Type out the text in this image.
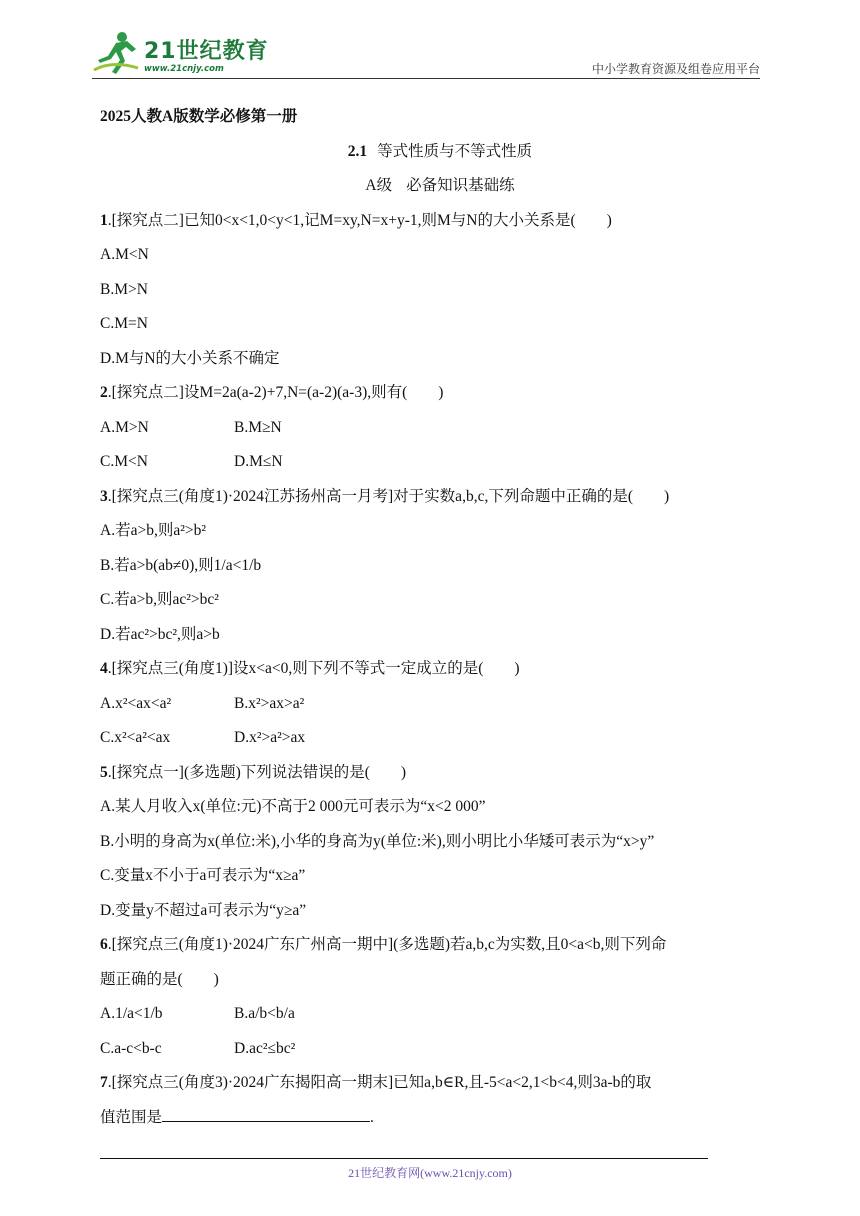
21世纪教育
www.21cnjy.com	中小学教育资源及组卷应用平台
2025人教A版数学必修第一册
2.1 等式性质与不等式性质
A级 必备知识基础练
1.[探究点二]已知0<x<1,0<y<1,记M=xy,N=x+y-1,则M与N的大小关系是(　　)
A.M<N
B.M>N
C.M=N
D.M与N的大小关系不确定
2.[探究点二]设M=2a(a-2)+7,N=(a-2)(a-3),则有(　　)
A.M>N	B.M≥N
C.M<N	D.M≤N
3.[探究点三(角度1)·2024江苏扬州高一月考]对于实数a,b,c,下列命题中正确的是(　　)
A.若a>b,则a²>b²
B.若a>b(ab≠0),则1/a<1/b
C.若a>b,则ac²>bc²
D.若ac²>bc²,则a>b
4.[探究点三(角度1)]设x<a<0,则下列不等式一定成立的是(　　)
A.x²<ax<a²	B.x²>ax>a²
C.x²<a²<ax	D.x²>a²>ax
5.[探究点一](多选题)下列说法错误的是(　　)
A.某人月收入x(单位:元)不高于2 000元可表示为“x<2 000”
B.小明的身高为x(单位:米),小华的身高为y(单位:米),则小明比小华矮可表示为“x>y”
C.变量x不小于a可表示为“x≥a”
D.变量y不超过a可表示为“y≥a”
6.[探究点三(角度1)·2024广东广州高一期中](多选题)若a,b,c为实数,且0<a<b,则下列命
题正确的是(　　)
A.1/a<1/b	B.a/b<b/a
C.a-c<b-c	D.ac²≤bc²
7.[探究点三(角度3)·2024广东揭阳高一期末]已知a,b∈R,且-5<a<2,1<b<4,则3a-b的取
值范围是	.
21世纪教育网(www.21cnjy.com)
